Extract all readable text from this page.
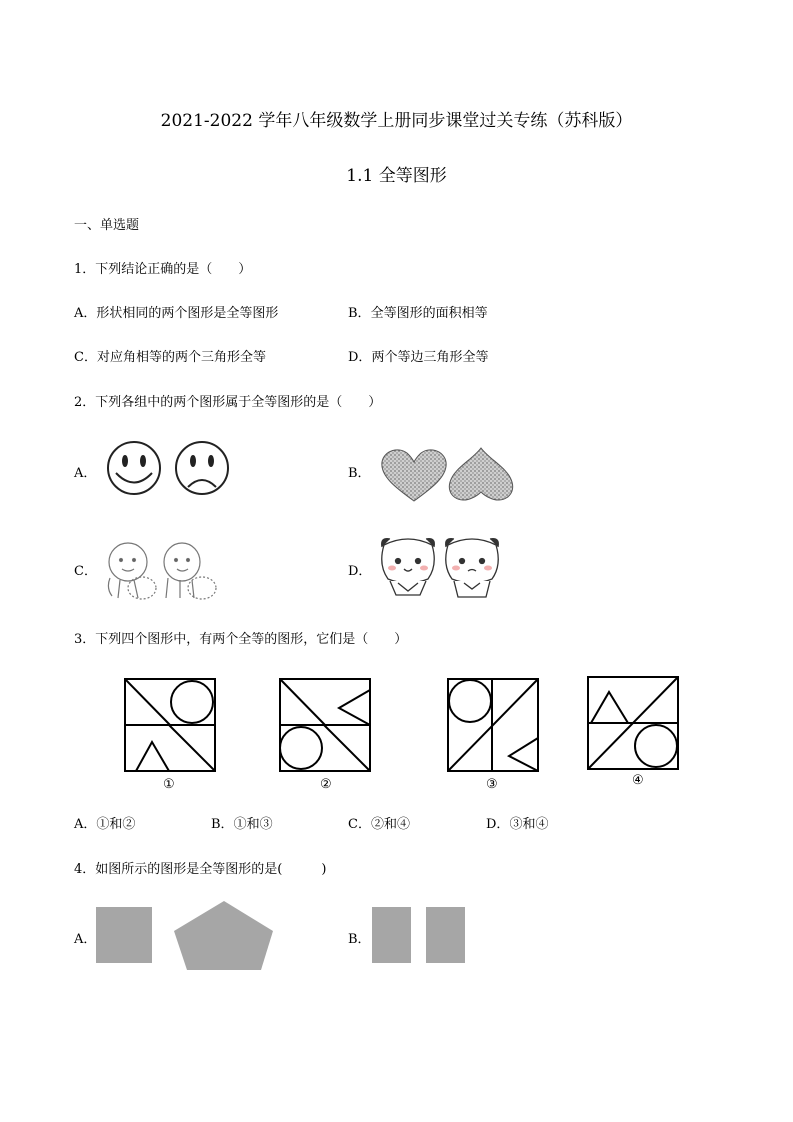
2021-2022 学年八年级数学上册同步课堂过关专练（苏科版）
1.1 全等图形
一、单选题
1．下列结论正确的是（　　）
A．形状相同的两个图形是全等图形	B．全等图形的面积相等
C．对应角相等的两个三角形全等	D．两个等边三角形全等
2．下列各组中的两个图形属于全等图形的是（　　）
A．	B．
C．	D．
3．下列四个图形中，有两个全等的图形，它们是（　　）
①	②	③	④
A．①和②	B．①和③	C．②和④	D．③和④
4．如图所示的图形是全等图形的是(　　　)
A．	B．
